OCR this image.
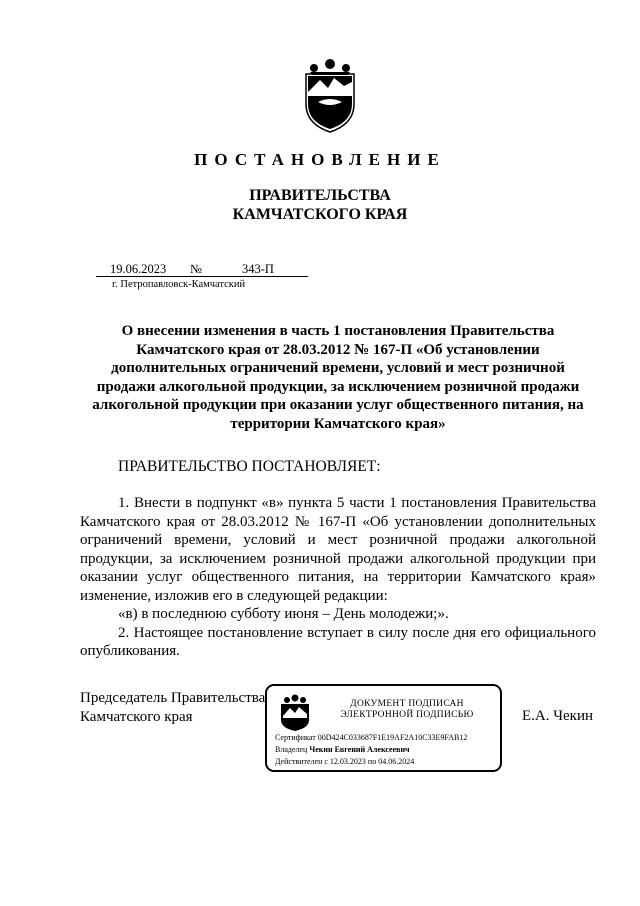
ПОСТАНОВЛЕНИЕ
ПРАВИТЕЛЬСТВА
КАМЧАТСКОГО КРАЯ
19.06.2023 №	343-П
г. Петропавловск-Камчатский
О внесении изменения в часть 1 постановления Правительства Камчатского края от 28.03.2012 № 167-П «Об установлении дополнительных ограничений времени, условий и мест розничной продажи алкогольной продукции, за исключением розничной продажи алкогольной продукции при оказании услуг общественного питания, на территории Камчатского края»
ПРАВИТЕЛЬСТВО ПОСТАНОВЛЯЕТ:

1. Внести в подпункт «в» пункта 5 части 1 постановления Правительства Камчатского края от 28.03.2012 № 167-П «Об установлении дополнительных ограничений времени, условий и мест розничной продажи алкогольной продукции, за исключением розничной продажи алкогольной продукции при оказании услуг общественного питания, на территории Камчатского края» изменение, изложив его в следующей редакции:

«в) в последнюю субботу июня – День молодежи;».

2. Настоящее постановление вступает в силу после дня его официального опубликования.

Председатель Правительства
Камчатского края
ДОКУМЕНТ ПОДПИСАН
ЭЛЕКТРОННОЙ ПОДПИСЬЮ
Сертификат 00D424C033687F1E19AF2A10C33E9FAB12
Владелец Чекин Евгений Алексеевич
Действителен с 12.03.2023 по 04.06.2024
Е.А. Чекин
